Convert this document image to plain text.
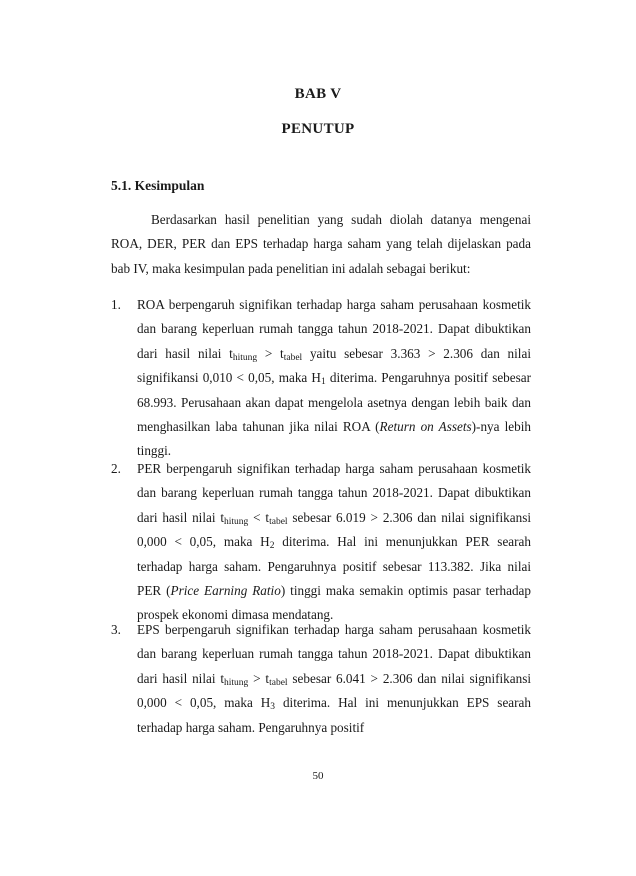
BAB V
PENUTUP
5.1. Kesimpulan

Berdasarkan hasil penelitian yang sudah diolah datanya mengenai ROA, DER, PER dan EPS terhadap harga saham yang telah dijelaskan pada bab IV, maka kesimpulan pada penelitian ini adalah sebagai berikut:

1. ROA berpengaruh signifikan terhadap harga saham perusahaan kosmetik dan barang keperluan rumah tangga tahun 2018-2021. Dapat dibuktikan dari hasil nilai $t_{hitung} > t_{tabel}$ yaitu sebesar 3.363 > 2.306 dan nilai signifikansi 0,010 < 0,05, maka $H_1$ diterima. Pengaruhnya positif sebesar 68.993. Perusahaan akan dapat mengelola asetnya dengan lebih baik dan menghasilkan laba tahunan jika nilai ROA (Return on Assets)-nya lebih tinggi.
2. PER berpengaruh signifikan terhadap harga saham perusahaan kosmetik dan barang keperluan rumah tangga tahun 2018-2021. Dapat dibuktikan dari hasil nilai $t_{hitung} < t_{tabel}$ sebesar 6.019 > 2.306 dan nilai signifikansi 0,000 < 0,05, maka $H_2$ diterima. Hal ini menunjukkan PER searah terhadap harga saham. Pengaruhnya positif sebesar 113.382. Jika nilai PER (Price Earning Ratio) tinggi maka semakin optimis pasar terhadap prospek ekonomi dimasa mendatang.
3. EPS berpengaruh signifikan terhadap harga saham perusahaan kosmetik dan barang keperluan rumah tangga tahun 2018-2021. Dapat dibuktikan dari hasil nilai $t_{hitung} > t_{tabel}$ sebesar 6.041 > 2.306 dan nilai signifikansi 0,000 < 0,05, maka $H_3$ diterima. Hal ini menunjukkan EPS searah terhadap harga saham. Pengaruhnya positif
50
